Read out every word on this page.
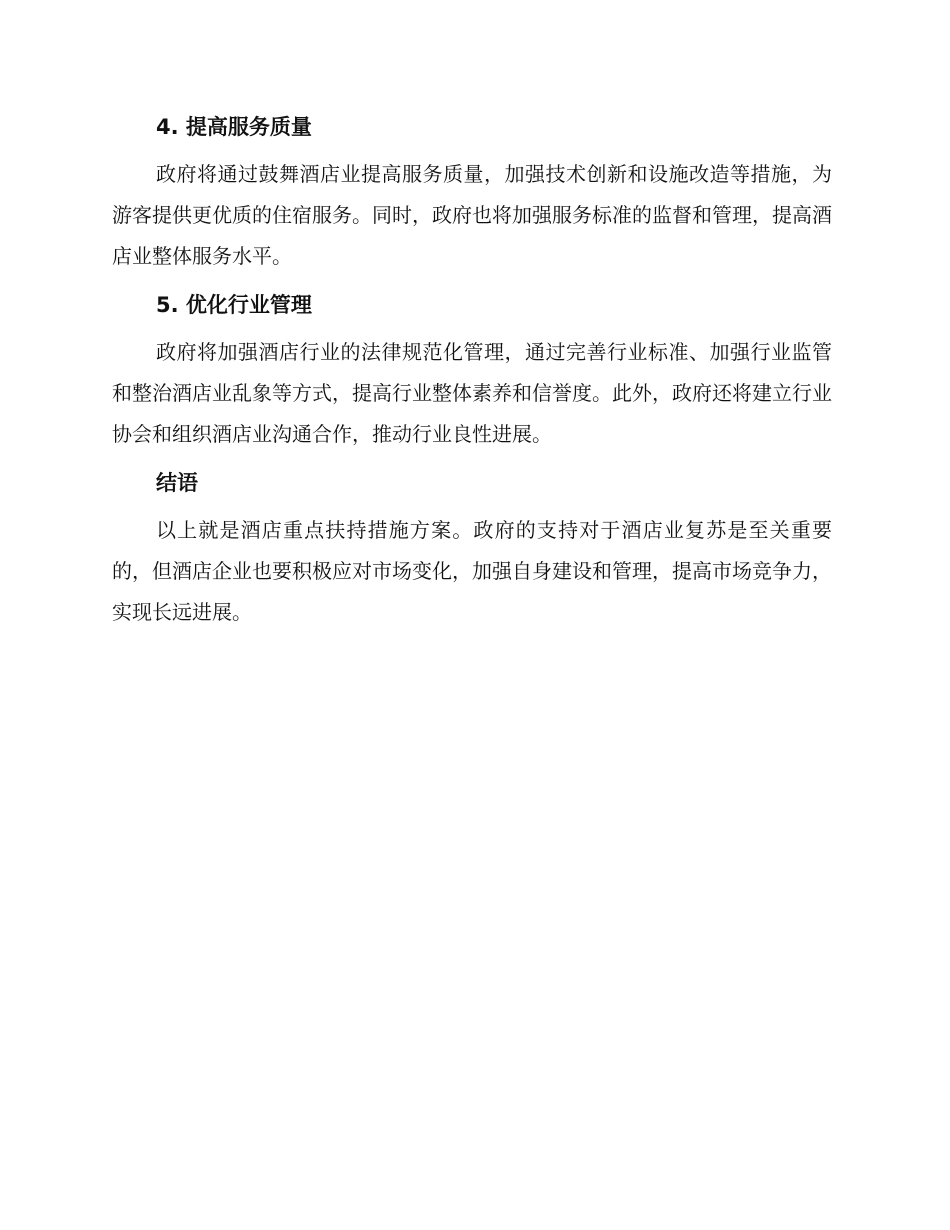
4. 提高服务质量

政府将通过鼓舞酒店业提高服务质量，加强技术创新和设施改造等措施，为游客提供更优质的住宿服务。同时，政府也将加强服务标准的监督和管理，提高酒店业整体服务水平。

5. 优化行业管理

政府将加强酒店行业的法律规范化管理，通过完善行业标准、加强行业监管和整治酒店业乱象等方式，提高行业整体素养和信誉度。此外，政府还将建立行业协会和组织酒店业沟通合作，推动行业良性进展。

结语

以上就是酒店重点扶持措施方案。政府的支持对于酒店业复苏是至关重要的，但酒店企业也要积极应对市场变化，加强自身建设和管理，提高市场竞争力，实现长远进展。
